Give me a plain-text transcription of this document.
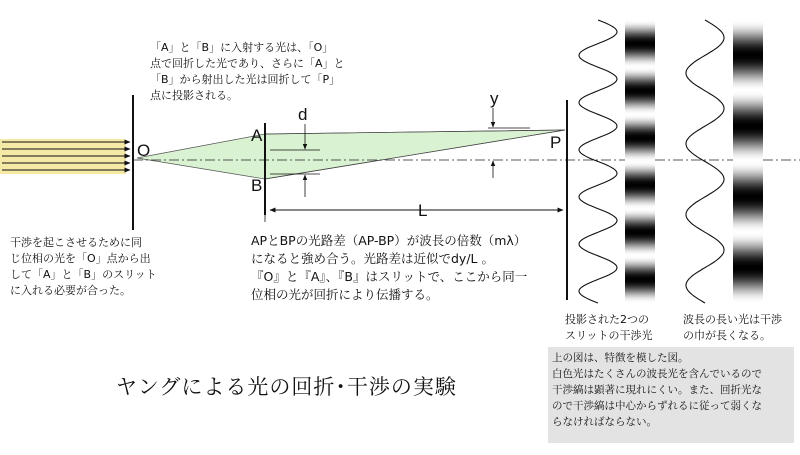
O
A
B
P
d
y
L
「A」と「B」に入射する光は、「O」
点で回折した光であり、さらに「A」と
「B」から射出した光は回折して「P」
点に投影される。
干渉を起こさせるために同
じ位相の光を「O」点から出
して「A」と「B」のスリット
に入れる必要が合った。
APとBPの光路差（AP-BP）が波長の倍数（mλ）
になると強め合う。光路差は近似でdy/L 。
『O』と『A』、『B』はスリットで、ここから同一
位相の光が回折により伝播する。
投影された2つの
スリットの干渉光
波長の長い光は干渉
の巾が長くなる。
ヤングによる光の回折･干渉の実験
上の図は、特徴を模した図。
白色光はたくさんの波長光を含んでいるので
干渉縞は顕著に現れにくい。また、回折光な
ので干渉縞は中心からずれるに従って弱くな
らなければならない。
